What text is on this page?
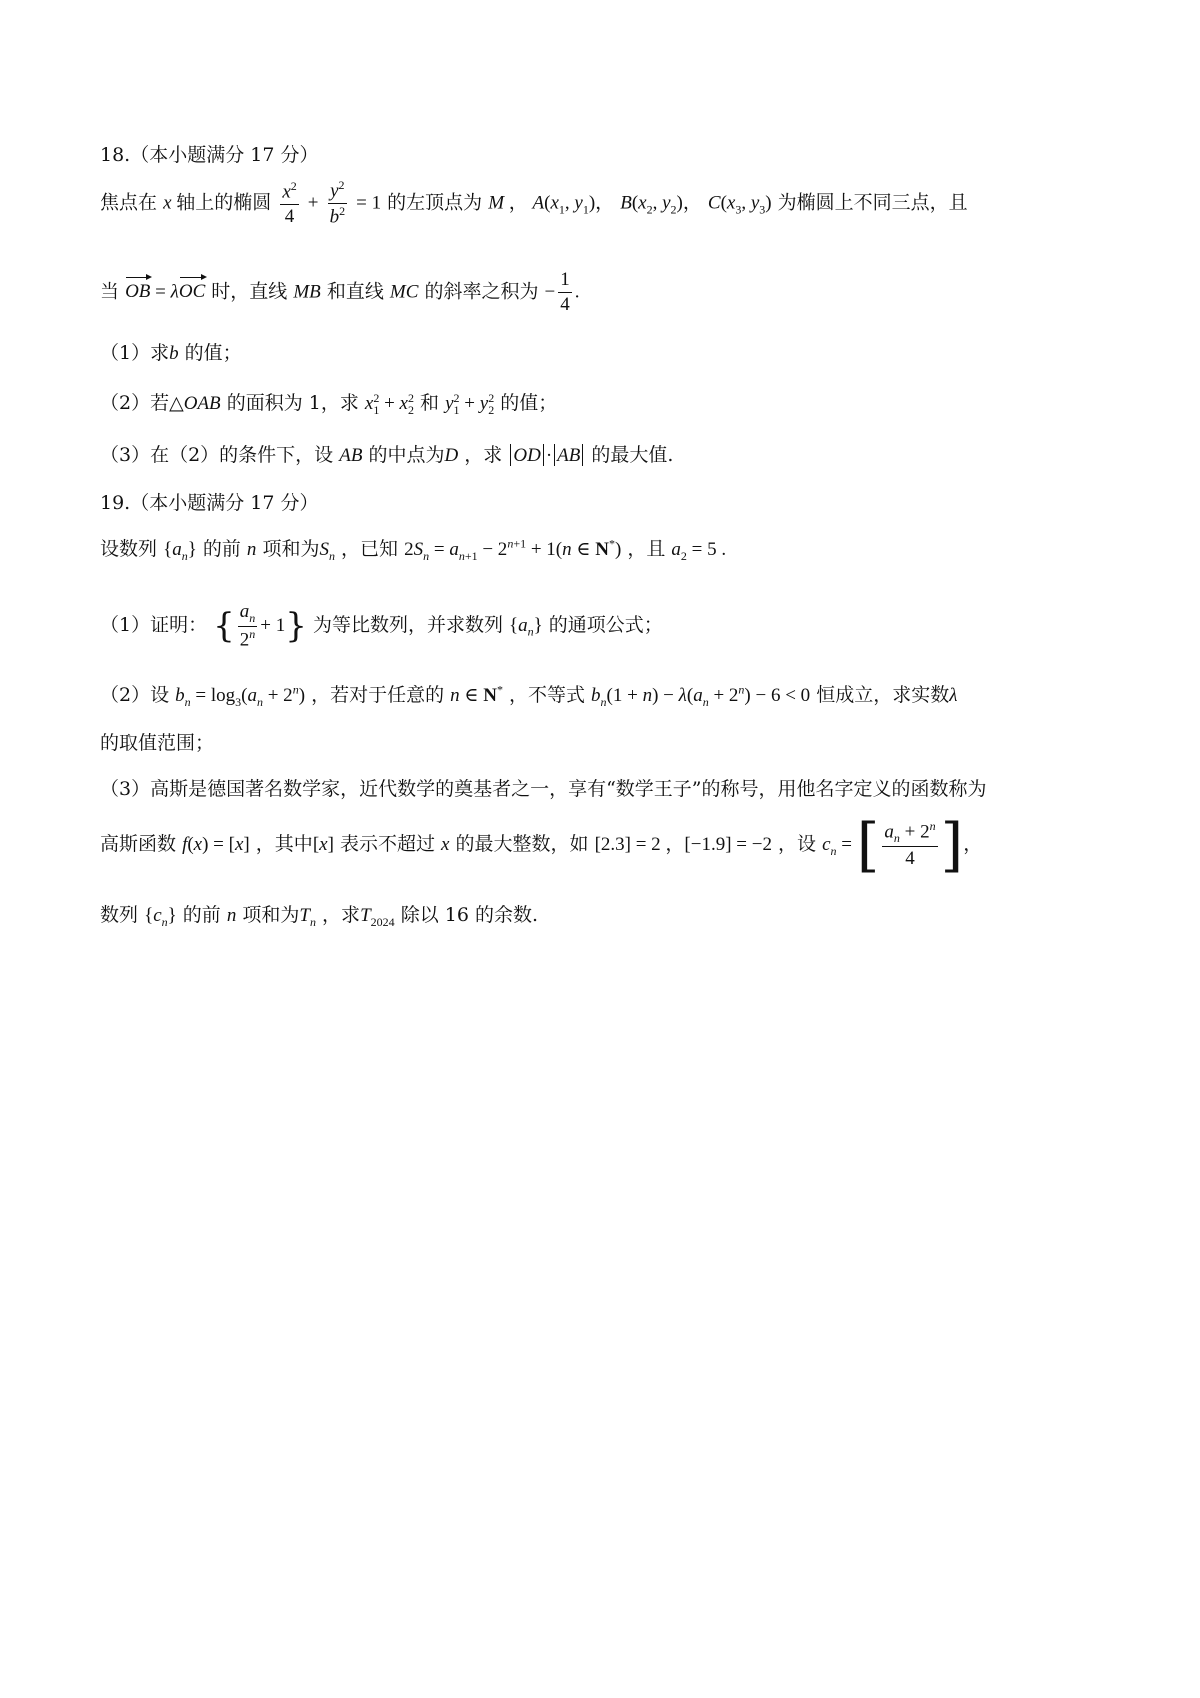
18.（本小题满分 17 分）
焦点在 x 轴上的椭圆 $\frac{x^2}{4} + \frac{y^2}{b^2} = 1$ 的左顶点为 M ， $A(x_1$, $y_1$)， $B(x_2$, $y_2$)， $C(x_3$, $y_3$) 为椭圆上不同三点，且
当 OB = λOC 时，直线 MB 和直线 MC 的斜率之积为 − $\frac{1}{4}$ .
（1）求b 的值；
（2）若△OAB 的面积为 1，求 $x_1^2 + x_2^2$ 和 $y_1^2 + y_2^2$ 的值；
（3）在（2）的条件下，设 AB 的中点为D ，求 OD · AB 的最大值.
19.（本小题满分 17 分）
设数列 $\{a_n\}$ 的前 n 项和为$S_n$ ，已知 $2S_n = a_{n+1} - 2^{n+1} + 1(n$ ∈ N*) ，且 $a_2 = 5$ .
（1）证明： { $\frac{a_n}{2^n} + 1$} 为等比数列，并求数列 $\{a_n\}$ 的通项公式；
（2）设 $b_n = \log_3(a_n + 2^n)$ ，若对于任意的 n ∈ N* ，不等式 $b_n(1 + n) - \lambda(a_n + 2^n) - 6 < 0$ 恒成立，求实数λ
的取值范围；
（3）高斯是德国著名数学家，近代数学的奠基者之一，享有“数学王子”的称号，用他名字定义的函数称为
高斯函数 f(x) = [x] ，其中[x] 表示不超过 x 的最大整数，如 [2.3] = 2 ，[−1.9] = −2 ，设 $c_n$ = [ $\frac{a_n + 2^n}{4}$ ]，
数列 $\{c_n\}$ 的前 n 项和为$T_n$ ，求$T_{2024}$ 除以 16 的余数.
